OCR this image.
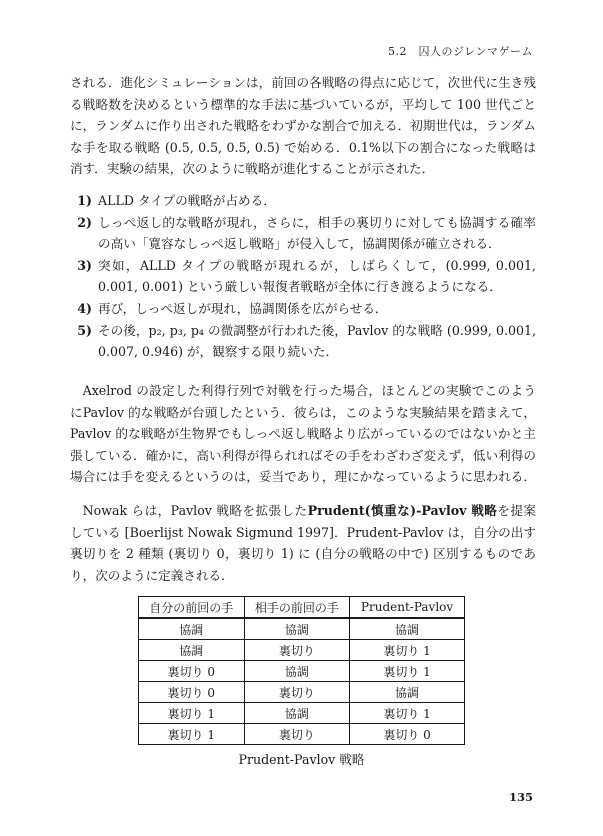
5.2　囚人のジレンマゲーム

される．進化シミュレーションは，前回の各戦略の得点に応じて，次世代に生き残る戦略数を決めるという標準的な手法に基づいているが，平均して 100 世代ごとに，ランダムに作り出された戦略をわずかな割合で加える．初期世代は，ランダムな手を取る戦略 (0.5, 0.5, 0.5, 0.5) で始める．0.1%以下の割合になった戦略は消す．実験の結果，次のように戦略が進化することが示された．

1) ALLD タイプの戦略が占める．
2) しっぺ返し的な戦略が現れ，さらに，相手の裏切りに対しても協調する確率の高い「寛容なしっぺ返し戦略」が侵入して，協調関係が確立される．
3) 突如，ALLD タイプの戦略が現れるが，しばらくして，(0.999, 0.001, 0.001, 0.001) という厳しい報復者戦略が全体に行き渡るようになる．
4) 再び，しっぺ返しが現れ，協調関係を広がらせる．
5) その後，p₂, p₃, p₄ の微調整が行われた後，Pavlov 的な戦略 (0.999, 0.001, 0.007, 0.946) が，観察する限り続いた．

Axelrod の設定した利得行列で対戦を行った場合，ほとんどの実験でこのようにPavlov 的な戦略が台頭したという．彼らは，このような実験結果を踏まえて，Pavlov 的な戦略が生物界でもしっぺ返し戦略より広がっているのではないかと主張している．確かに，高い利得が得られればその手をわざわざ変えず，低い利得の場合には手を変えるというのは，妥当であり，理にかなっているように思われる．

Nowak らは，Pavlov 戦略を拡張したPrudent(慎重な)-Pavlov 戦略を提案している [Boerlijst Nowak Sigmund 1997]．Prudent-Pavlov は，自分の出す裏切りを 2 種類 (裏切り 0，裏切り 1) に (自分の戦略の中で) 区別するものであり，次のように定義される．

自分の前回の手	相手の前回の手	Prudent-Pavlov
協調	協調	協調
協調	裏切り	裏切り 1
裏切り 0	協調	裏切り 1
裏切り 0	裏切り	協調
裏切り 1	協調	裏切り 1
裏切り 1	裏切り	裏切り 0
Prudent-Pavlov 戦略
135
